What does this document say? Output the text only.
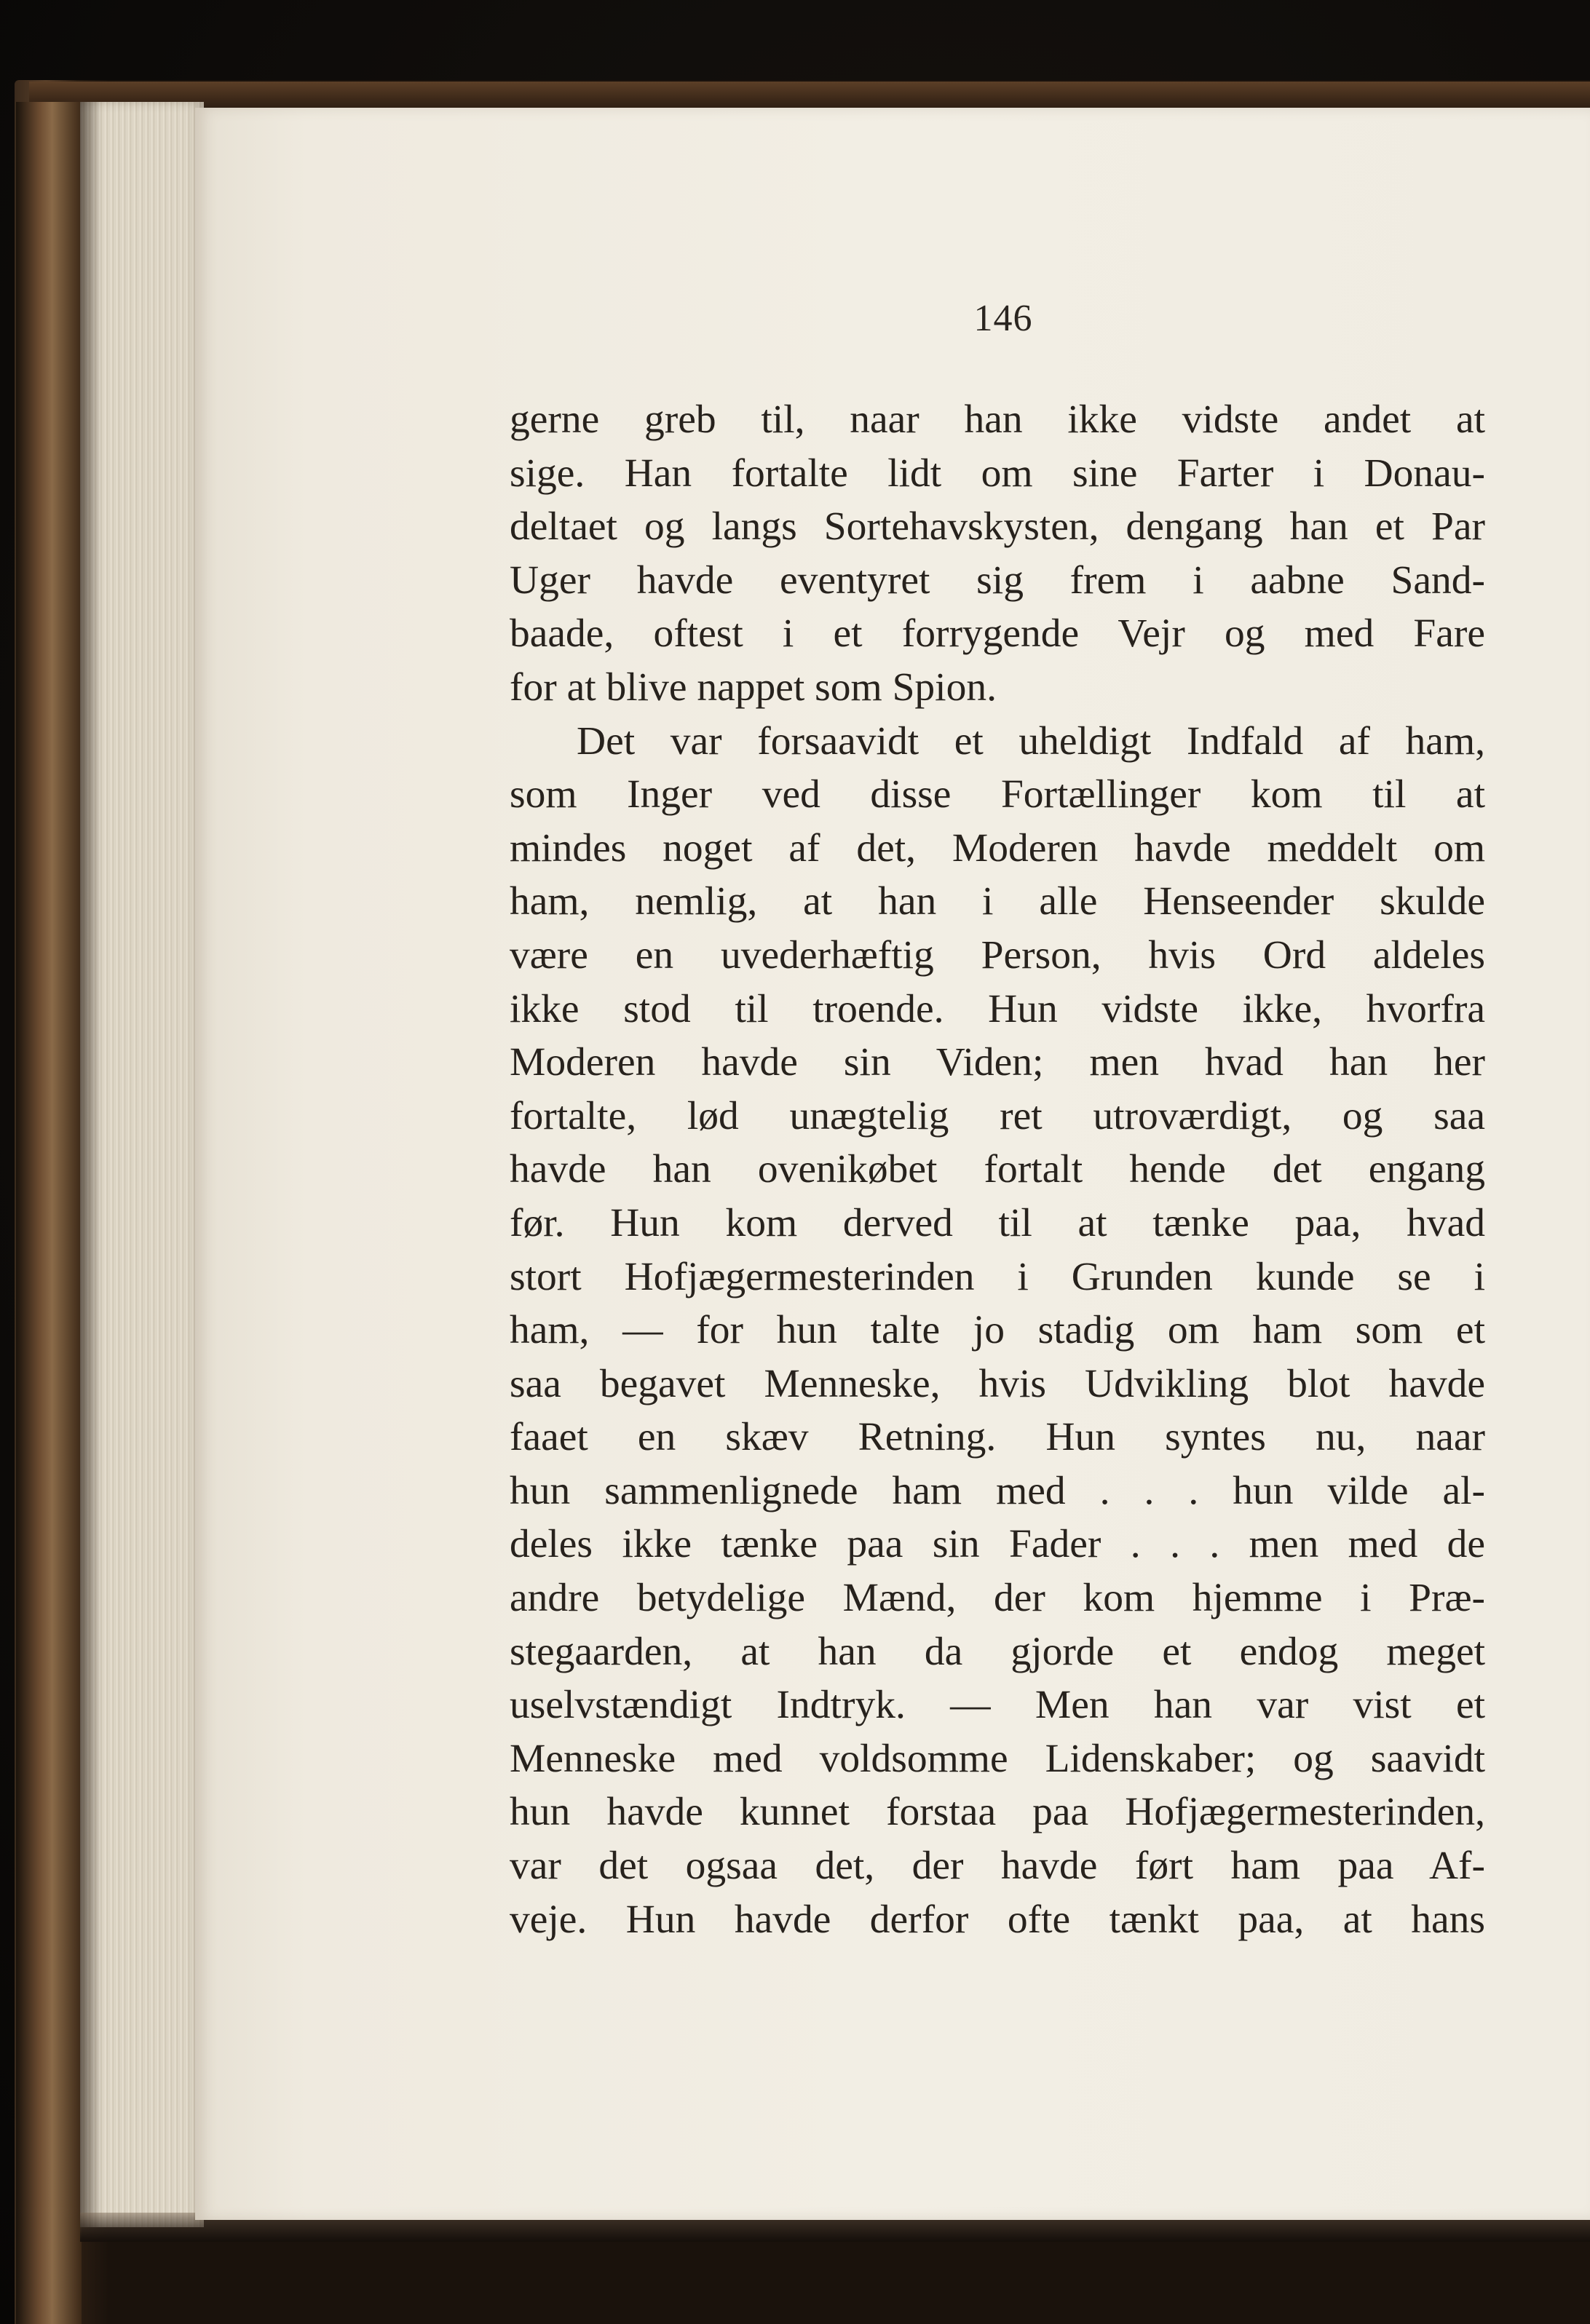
146
gerne greb til, naar han ikke vidste andet at
sige. Han fortalte lidt om sine Farter i Donau-
deltaet og langs Sortehavskysten, dengang han et Par
Uger havde eventyret sig frem i aabne Sand-
baade, oftest i et forrygende Vejr og med Fare
for at blive nappet som Spion.
Det var forsaavidt et uheldigt Indfald af ham,
som Inger ved disse Fortællinger kom til at
mindes noget af det, Moderen havde meddelt om
ham, nemlig, at han i alle Henseender skulde
være en uvederhæftig Person, hvis Ord aldeles
ikke stod til troende. Hun vidste ikke, hvorfra
Moderen havde sin Viden; men hvad han her
fortalte, lød unægtelig ret utroværdigt, og saa
havde han ovenikøbet fortalt hende det engang
før. Hun kom derved til at tænke paa, hvad
stort Hofjægermesterinden i Grunden kunde se i
ham, — for hun talte jo stadig om ham som et
saa begavet Menneske, hvis Udvikling blot havde
faaet en skæv Retning. Hun syntes nu, naar
hun sammenlignede ham med . . . hun vilde al-
deles ikke tænke paa sin Fader . . . men med de
andre betydelige Mænd, der kom hjemme i Præ-
stegaarden, at han da gjorde et endog meget
uselvstændigt Indtryk. — Men han var vist et
Menneske med voldsomme Lidenskaber; og saavidt
hun havde kunnet forstaa paa Hofjægermesterinden,
var det ogsaa det, der havde ført ham paa Af-
veje. Hun havde derfor ofte tænkt paa, at hans
